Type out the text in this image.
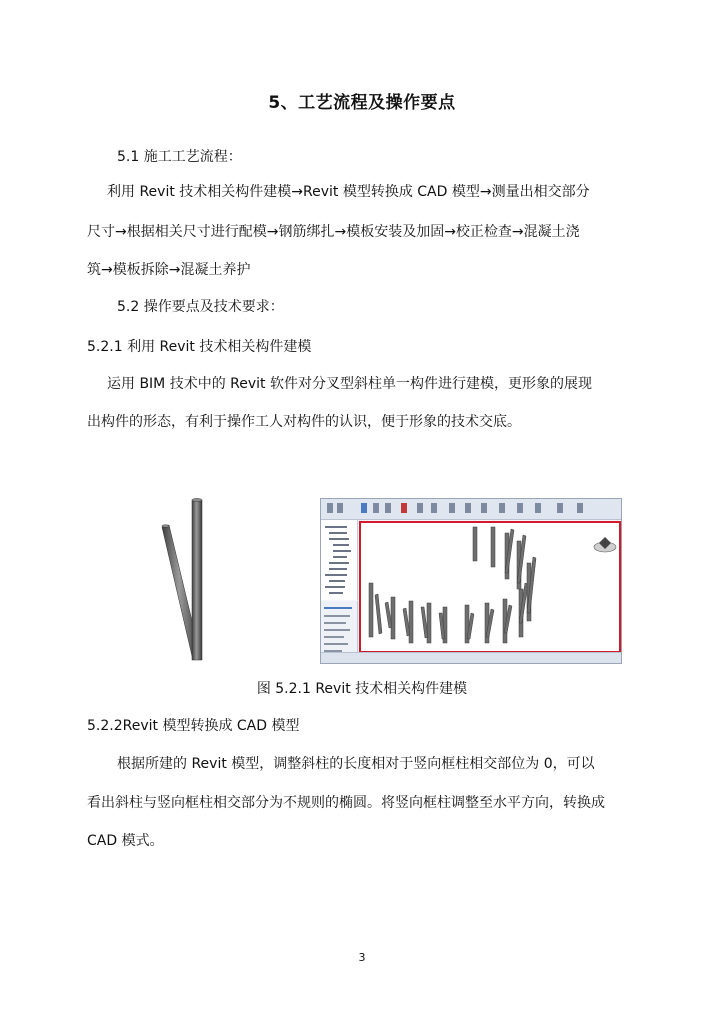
5、工艺流程及操作要点
5.1 施工工艺流程：
利用 Revit 技术相关构件建模→Revit 模型转换成 CAD 模型→测量出相交部分
尺寸→根据相关尺寸进行配模→钢筋绑扎→模板安装及加固→校正检查→混凝土浇
筑→模板拆除→混凝土养护
5.2 操作要点及技术要求：
5.2.1 利用 Revit 技术相关构件建模
运用 BIM 技术中的 Revit 软件对分叉型斜柱单一构件进行建模，更形象的展现
出构件的形态，有利于操作工人对构件的认识，便于形象的技术交底。
图 5.2.1 Revit 技术相关构件建模
5.2.2Revit 模型转换成 CAD 模型
根据所建的 Revit 模型，调整斜柱的长度相对于竖向框柱相交部位为 0，可以
看出斜柱与竖向框柱相交部分为不规则的椭圆。将竖向框柱调整至水平方向，转换成
CAD 模式。
3
